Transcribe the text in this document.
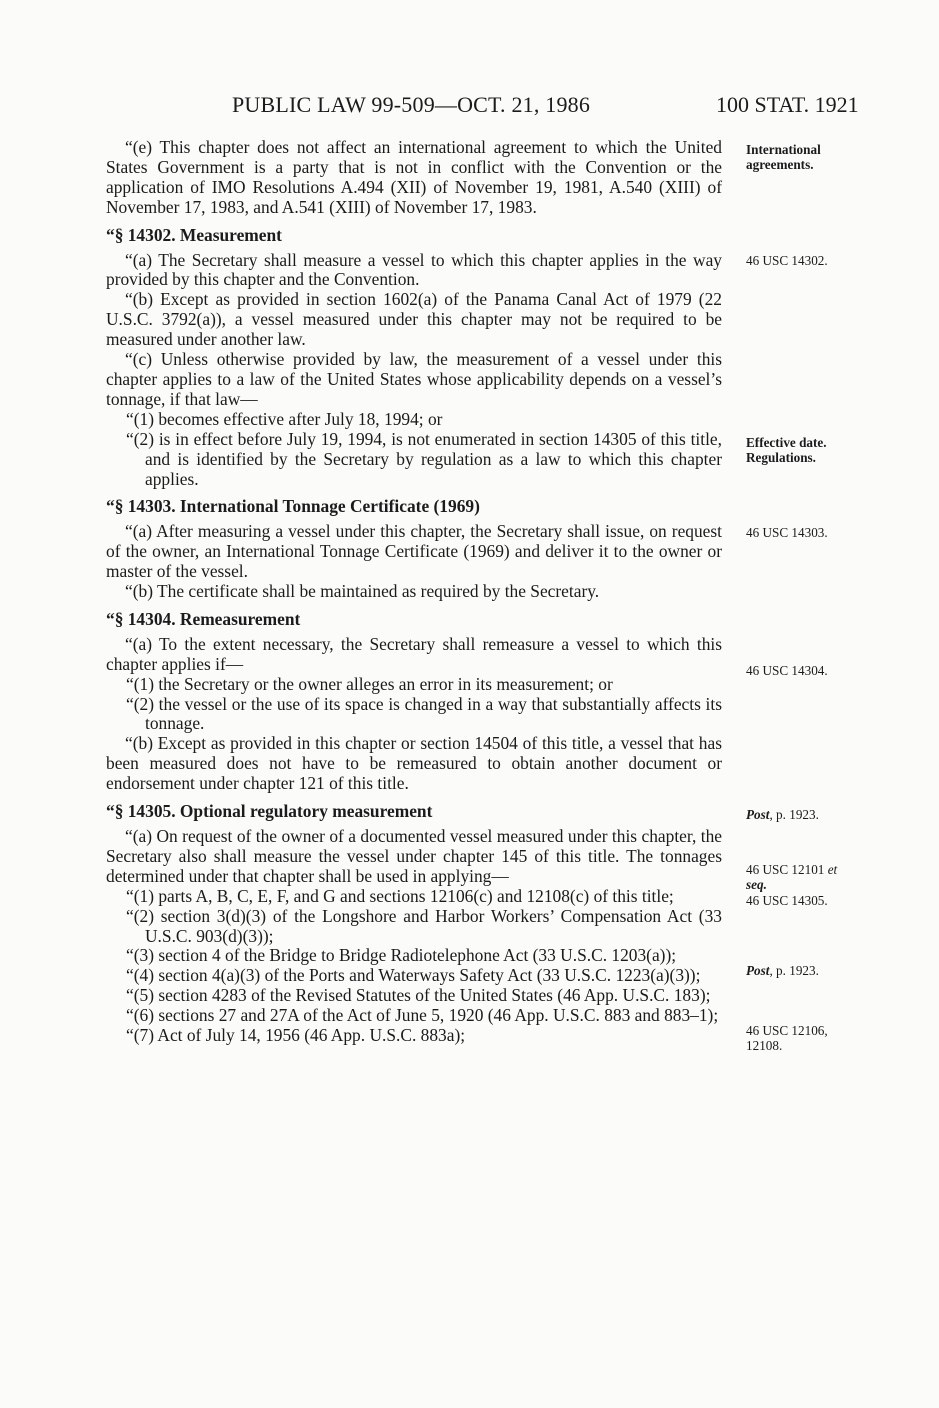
PUBLIC LAW 99-509—OCT. 21, 1986	100 STAT. 1921

“(e) This chapter does not affect an international agreement to which the United States Government is a party that is not in conflict with the Convention or the application of IMO Resolutions A.494 (XII) of November 19, 1981, A.540 (XIII) of November 17, 1983, and A.541 (XIII) of November 17, 1983.

“§ 14302. Measurement

“(a) The Secretary shall measure a vessel to which this chapter applies in the way provided by this chapter and the Convention.

“(b) Except as provided in section 1602(a) of the Panama Canal Act of 1979 (22 U.S.C. 3792(a)), a vessel measured under this chapter may not be required to be measured under another law.

“(c) Unless otherwise provided by law, the measurement of a vessel under this chapter applies to a law of the United States whose applicability depends on a vessel’s tonnage, if that law—

“(1) becomes effective after July 18, 1994; or

“(2) is in effect before July 19, 1994, is not enumerated in section 14305 of this title, and is identified by the Secretary by regulation as a law to which this chapter applies.

“§ 14303. International Tonnage Certificate (1969)

“(a) After measuring a vessel under this chapter, the Secretary shall issue, on request of the owner, an International Tonnage Certificate (1969) and deliver it to the owner or master of the vessel.

“(b) The certificate shall be maintained as required by the Secretary.

“§ 14304. Remeasurement

“(a) To the extent necessary, the Secretary shall remeasure a vessel to which this chapter applies if—

“(1) the Secretary or the owner alleges an error in its measurement; or

“(2) the vessel or the use of its space is changed in a way that substantially affects its tonnage.

“(b) Except as provided in this chapter or section 14504 of this title, a vessel that has been measured does not have to be remeasured to obtain another document or endorsement under chapter 121 of this title.

“§ 14305. Optional regulatory measurement

“(a) On request of the owner of a documented vessel measured under this chapter, the Secretary also shall measure the vessel under chapter 145 of this title. The tonnages determined under that chapter shall be used in applying—

“(1) parts A, B, C, E, F, and G and sections 12106(c) and 12108(c) of this title;

“(2) section 3(d)(3) of the Longshore and Harbor Workers’ Compensation Act (33 U.S.C. 903(d)(3));

“(3) section 4 of the Bridge to Bridge Radiotelephone Act (33 U.S.C. 1203(a));

“(4) section 4(a)(3) of the Ports and Waterways Safety Act (33 U.S.C. 1223(a)(3));

“(5) section 4283 of the Revised Statutes of the United States (46 App. U.S.C. 183);

“(6) sections 27 and 27A of the Act of June 5, 1920 (46 App. U.S.C. 883 and 883–1);

“(7) Act of July 14, 1956 (46 App. U.S.C. 883a);

International
agreements.
46 USC 14302.
Effective date.
Regulations.
46 USC 14303.
46 USC 14304.
Post, p. 1923.
46 USC 12101 et
seq.
46 USC 14305.
Post, p. 1923.
46 USC 12106,
12108.
